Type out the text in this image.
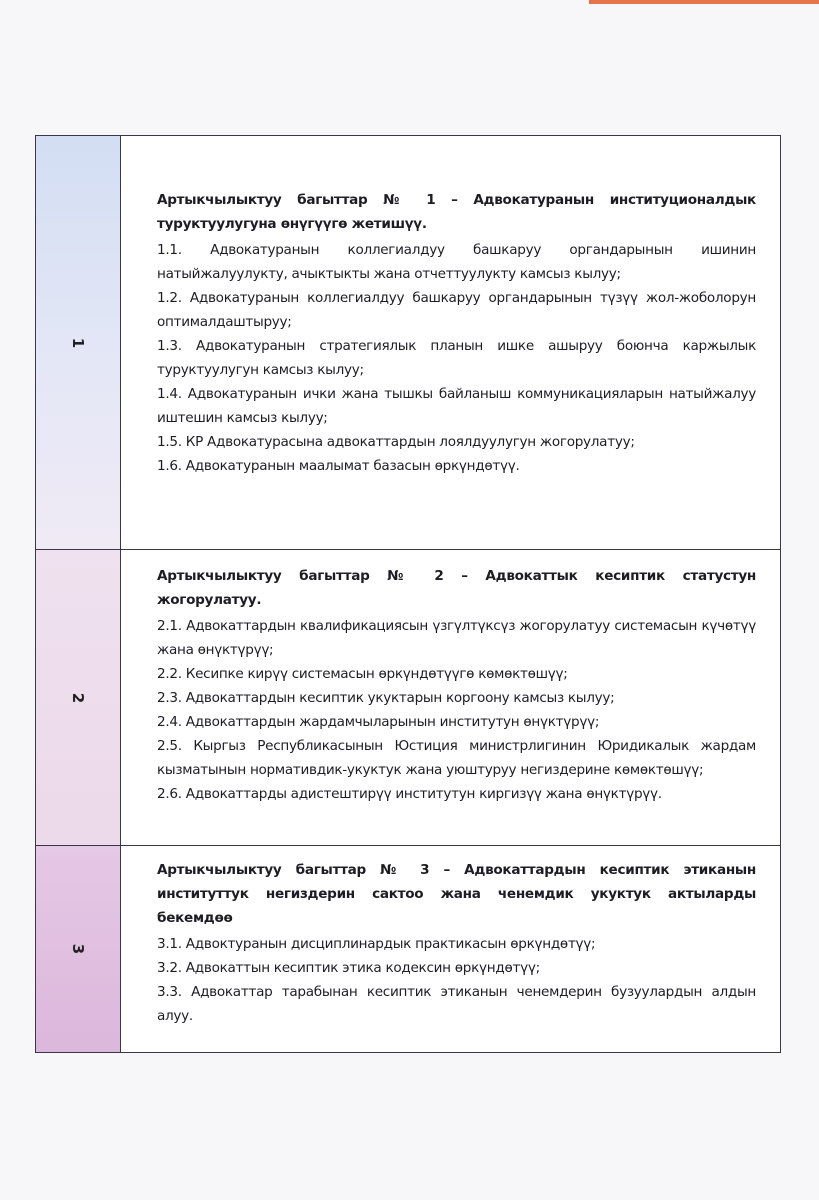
1

Артыкчылыктуу багыттар № 1 – Адвокатуранын институционалдык туруктуулугуна өнүгүүгө жетишүү.

1.1. Адвокатуранын коллегиалдуу башкаруу органдарынын ишинин натыйжалуулукту, ачыктыкты жана отчеттуулукту камсыз кылуу;

1.2. Адвокатуранын коллегиалдуу башкаруу органдарынын түзүү жол-жоболорун оптималдаштыруу;

1.3. Адвокатуранын стратегиялык планын ишке ашыруу боюнча каржылык туруктуулугун камсыз кылуу;

1.4. Адвокатуранын ички жана тышкы байланыш коммуникацияларын натыйжалуу иштешин камсыз кылуу;

1.5. КР Адвокатурасына адвокаттардын лоялдуулугун жогорулатуу;

1.6. Адвокатуранын маалымат базасын өркүндөтүү.

2

Артыкчылыктуу багыттар № 2 – Адвокаттык кесиптик статустун жогорулатуу.

2.1. Адвокаттардын квалификациясын үзгүлтүксүз жогорулатуу системасын күчөтүү жана өнүктүрүү;

2.2. Кесипке кирүү системасын өркүндөтүүгө көмөктөшүү;

2.3. Адвокаттардын кесиптик укуктарын коргоону камсыз кылуу;

2.4. Адвокаттардын жардамчыларынын институтун өнүктүрүү;

2.5. Кыргыз Республикасынын Юстиция министрлигинин Юридикалык жардам кызматынын нормативдик-укуктук жана уюштуруу негиздерине көмөктөшүү;

2.6. Адвокаттарды адистештирүү институтун киргизүү жана өнүктүрүү.

3

Артыкчылыктуу багыттар № 3 – Адвокаттардын кесиптик этиканын институттук негиздерин сактоо жана ченемдик укуктук актыларды бекемдөө

3.1. Адвоктуранын дисциплинардык практикасын өркүндөтүү;

3.2. Адвокаттын кесиптик этика кодексин өркүндөтүү;

3.3. Адвокаттар тарабынан кесиптик этиканын ченемдерин бузуулардын алдын алуу.
